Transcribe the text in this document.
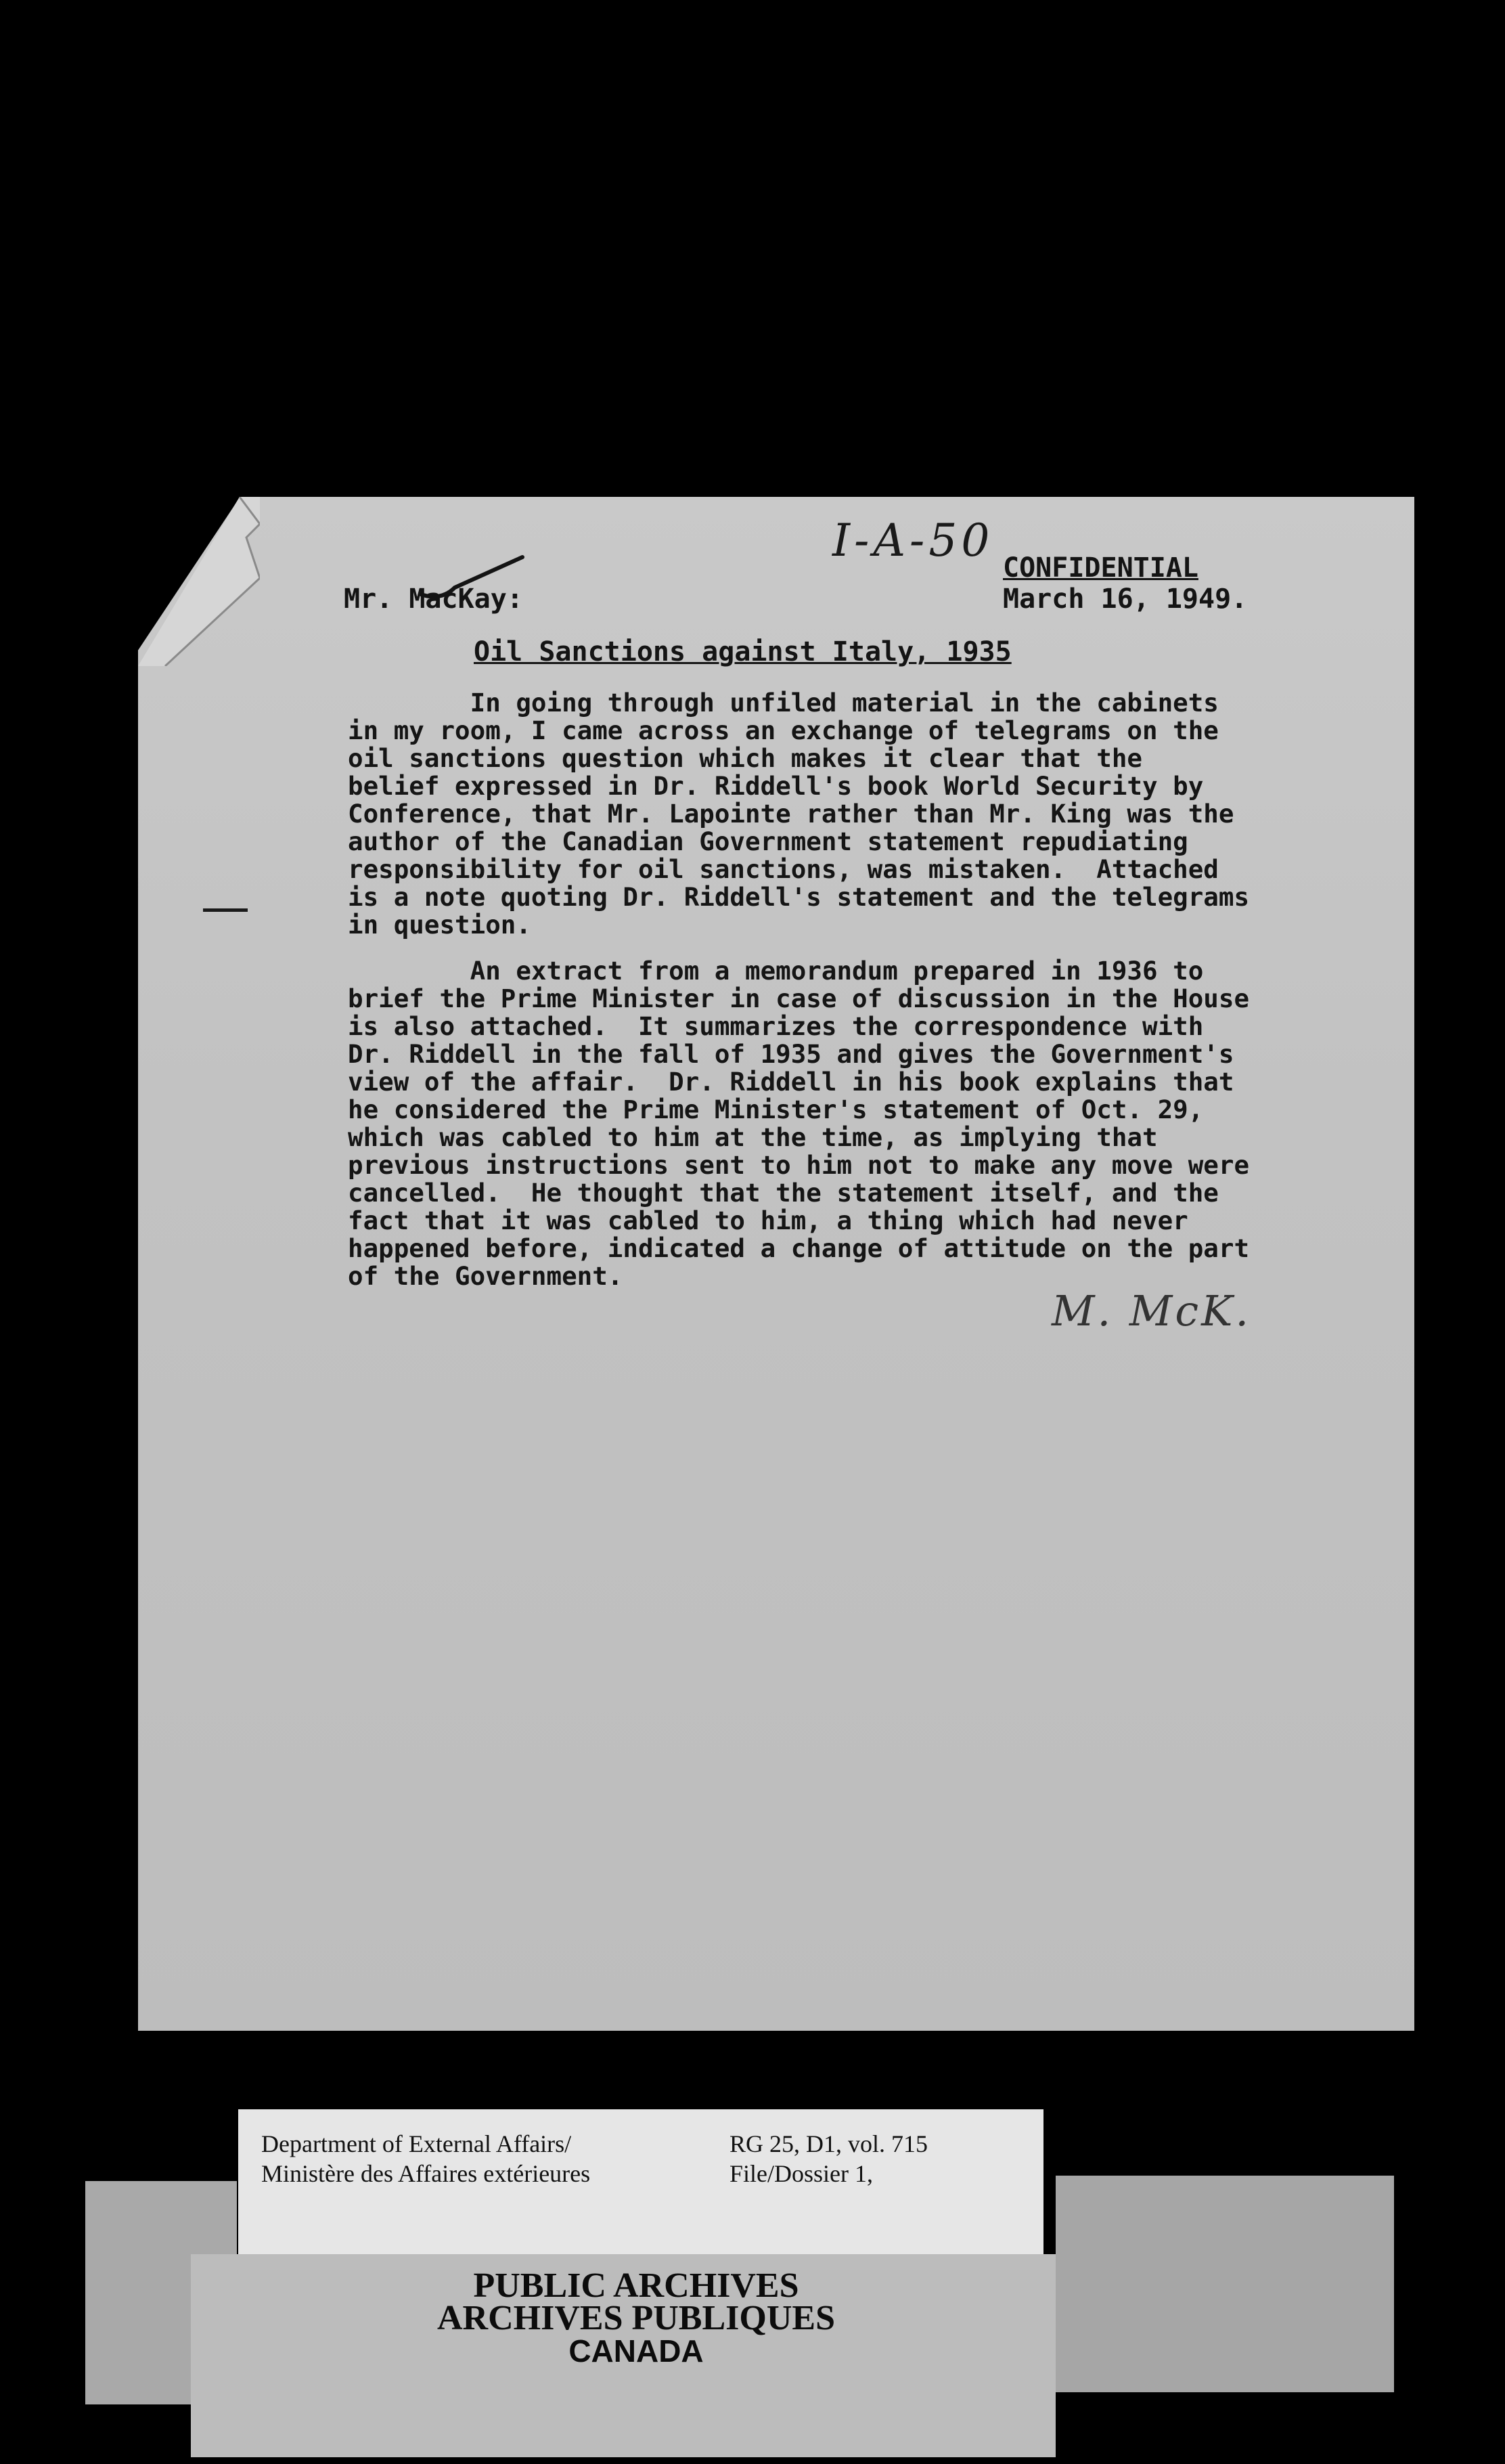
I-A-50
CONFIDENTIAL
March 16, 1949.
Mr. MacKay:
Oil Sanctions against Italy, 1935
In going through unfiled material in the cabinets
in my room, I came across an exchange of telegrams on the
oil sanctions question which makes it clear that the
belief expressed in Dr. Riddell's book World Security by
Conference, that Mr. Lapointe rather than Mr. King was the
author of the Canadian Government statement repudiating
responsibility for oil sanctions, was mistaken.  Attached
is a note quoting Dr. Riddell's statement and the telegrams
in question.
An extract from a memorandum prepared in 1936 to
brief the Prime Minister in case of discussion in the House
is also attached.  It summarizes the correspondence with
Dr. Riddell in the fall of 1935 and gives the Government's
view of the affair.  Dr. Riddell in his book explains that
he considered the Prime Minister's statement of Oct. 29,
which was cabled to him at the time, as implying that
previous instructions sent to him not to make any move were
cancelled.  He thought that the statement itself, and the
fact that it was cabled to him, a thing which had never
happened before, indicated a change of attitude on the part
of the Government.
M. McK.
Department of External Affairs/
Ministère des Affaires extérieures
RG 25, D1, vol. 715
File/Dossier 1,
PUBLIC ARCHIVES
ARCHIVES PUBLIQUES
CANADA
